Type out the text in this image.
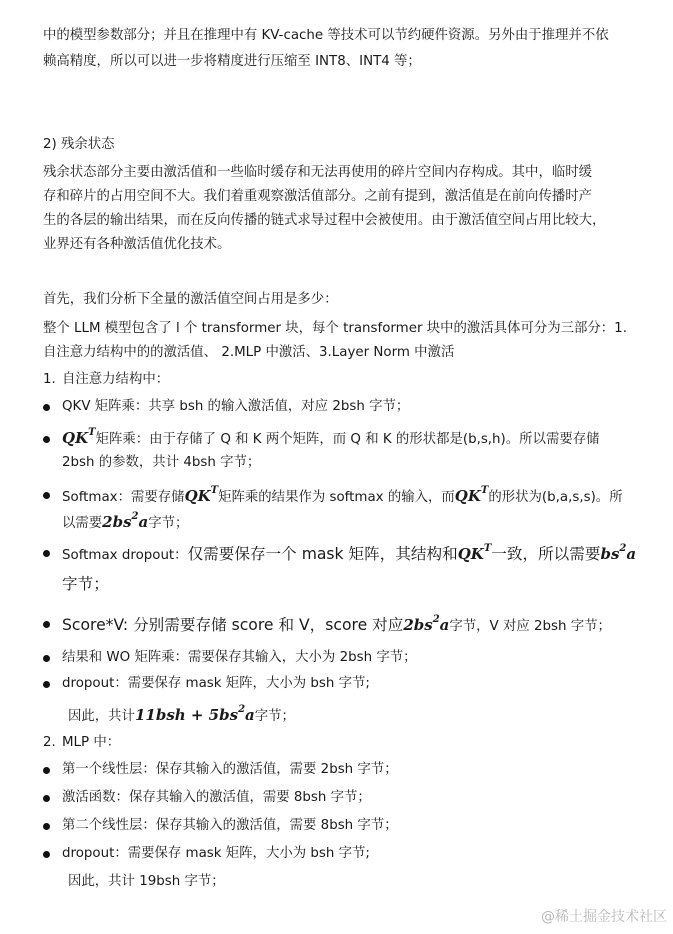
中的模型参数部分；并且在推理中有 KV-cache 等技术可以节约硬件资源。另外由于推理并不依
赖高精度，所以可以进一步将精度进行压缩至 INT8、INT4 等；
2) 残余状态
残余状态部分主要由激活值和一些临时缓存和无法再使用的碎片空间内存构成。其中，临时缓
存和碎片的占用空间不大。我们着重观察激活值部分。之前有提到，激活值是在前向传播时产
生的各层的输出结果，而在反向传播的链式求导过程中会被使用。由于激活值空间占用比较大，
业界还有各种激活值优化技术。
首先，我们分析下全量的激活值空间占用是多少：
整个 LLM 模型包含了 l 个 transformer 块，每个 transformer 块中的激活具体可分为三部分：1.
自注意力结构中的的激活值、 2.MLP 中激活、3.Layer Norm 中激活
1. 自注意力结构中：
QKV 矩阵乘：共享 bsh 的输入激活值，对应 2bsh 字节；
$QK^T$矩阵乘：由于存储了 Q 和 K 两个矩阵，而 Q 和 K 的形状都是(b,s,h)。所以需要存储
2bsh 的参数，共计 4bsh 字节；
Softmax：需要存储$QK^T$矩阵乘的结果作为 softmax 的输入，而$QK^T$的形状为(b,a,s,s)。所
以需要$2bs^2a$字节；
Softmax dropout：仅需要保存一个 mask 矩阵，其结构和$QK^T$一致，所以需要$bs^2a$
字节；
Score*V: 分别需要存储 score 和 V，score 对应$2bs^2a$字节，V 对应 2bsh 字节；
结果和 WO 矩阵乘：需要保存其输入，大小为 2bsh 字节；
dropout：需要保存 mask 矩阵，大小为 bsh 字节;
因此，共计$11bsh + 5bs^2a$字节；
2. MLP 中：
第一个线性层：保存其输入的激活值，需要 2bsh 字节；
激活函数：保存其输入的激活值，需要 8bsh 字节；
第二个线性层：保存其输入的激活值，需要 8bsh 字节；
dropout：需要保存 mask 矩阵，大小为 bsh 字节;
因此，共计 19bsh 字节；
@稀土掘金技术社区
